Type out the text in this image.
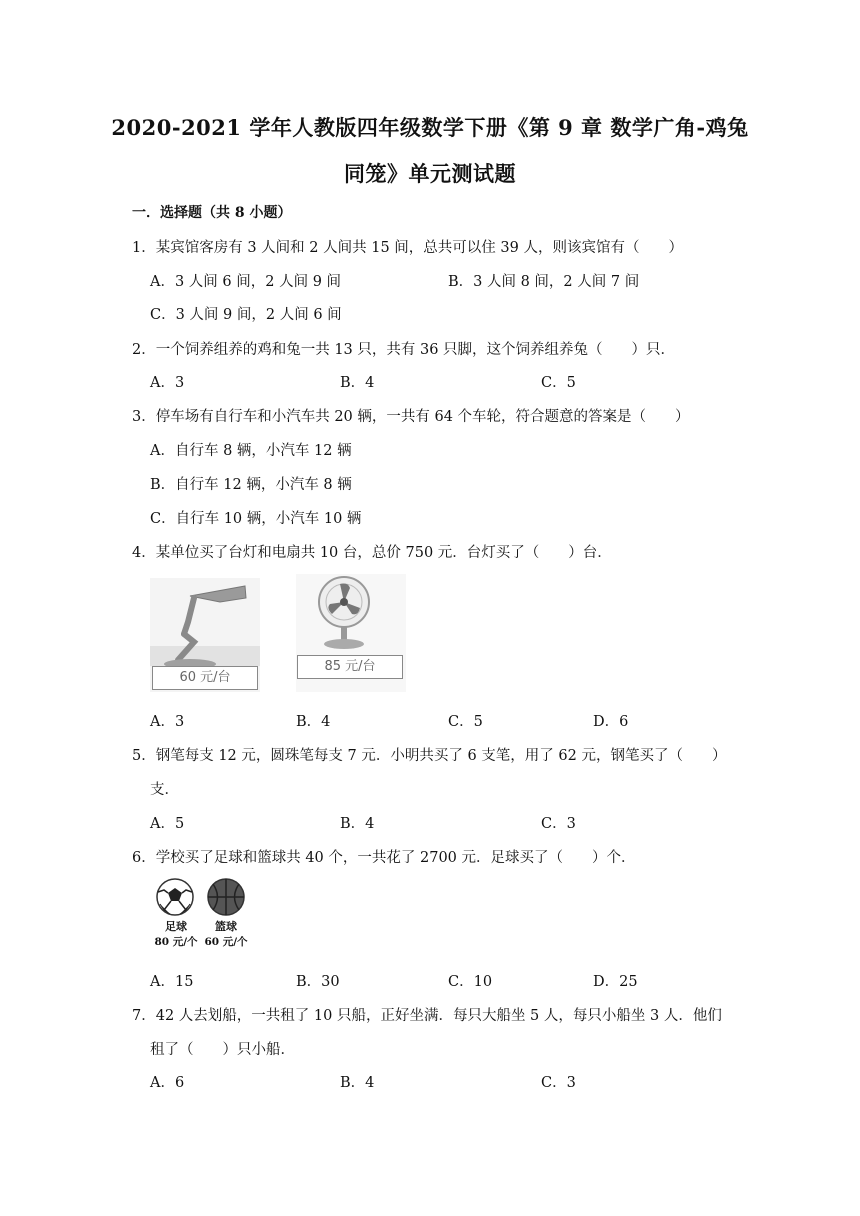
2020-2021 学年人教版四年级数学下册《第 9 章 数学广角-鸡兔
同笼》单元测试题
一．选择题（共 8 小题）
1．某宾馆客房有 3 人间和 2 人间共 15 间，总共可以住 39 人，则该宾馆有（　　）
A．3 人间 6 间，2 人间 9 间	B．3 人间 8 间，2 人间 7 间
C．3 人间 9 间，2 人间 6 间
2．一个饲养组养的鸡和兔一共 13 只，共有 36 只脚，这个饲养组养兔（　　）只．
A．3	B．4	C．5
3．停车场有自行车和小汽车共 20 辆，一共有 64 个车轮，符合题意的答案是（　　）
A．自行车 8 辆，小汽车 12 辆
B．自行车 12 辆，小汽车 8 辆
C．自行车 10 辆，小汽车 10 辆
4．某单位买了台灯和电扇共 10 台，总价 750 元．台灯买了（　　）台．
60 元/台
85 元/台
A．3	B．4	C．5	D．6
5．钢笔每支 12 元，圆珠笔每支 7 元．小明共买了 6 支笔，用了 62 元，钢笔买了（　　）
支．
A．5	B．4	C．3
6．学校买了足球和篮球共 40 个，一共花了 2700 元．足球买了（　　）个．
足球	篮球
80 元/个 60 元/个
A．15	B．30	C．10	D．25
7．42 人去划船，一共租了 10 只船，正好坐满．每只大船坐 5 人，每只小船坐 3 人．他们
租了（　　）只小船．
A．6	B．4	C．3
